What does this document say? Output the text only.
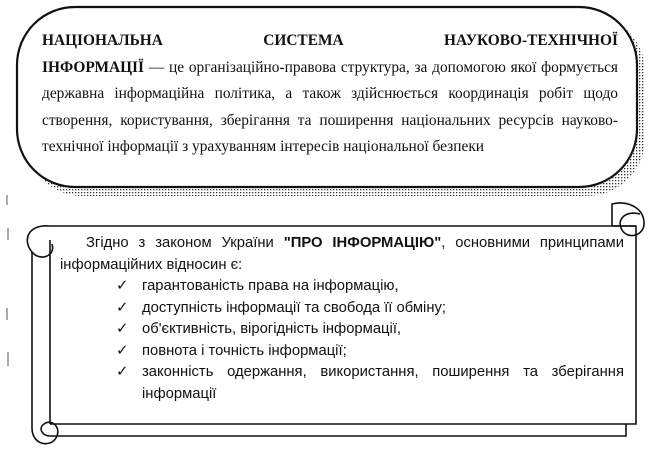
НАЦІОНАЛЬНА	СИСТЕМА	НАУКОВО-ТЕХНІЧНОЇ
ІНФОРМАЦІЇ — це організаційно-правова структура, за допомогою якої формується державна інформаційна політика, а також здійснюється координація робіт щодо створення, користування, зберігання та поширення національних ресурсів науково-технічної інформації з урахуванням інтересів національної безпеки
Згідно з законом України "ПРО ІНФОРМАЦІЮ", основними принципами інформаційних відносин є:
✓ гарантованість права на інформацію,
✓ доступність інформації та свобода її обміну;
✓ об'єктивність, вірогідність інформації,
✓ повнота і точність інформації;
✓ законність одержання, використання, поширення та зберігання інформації
